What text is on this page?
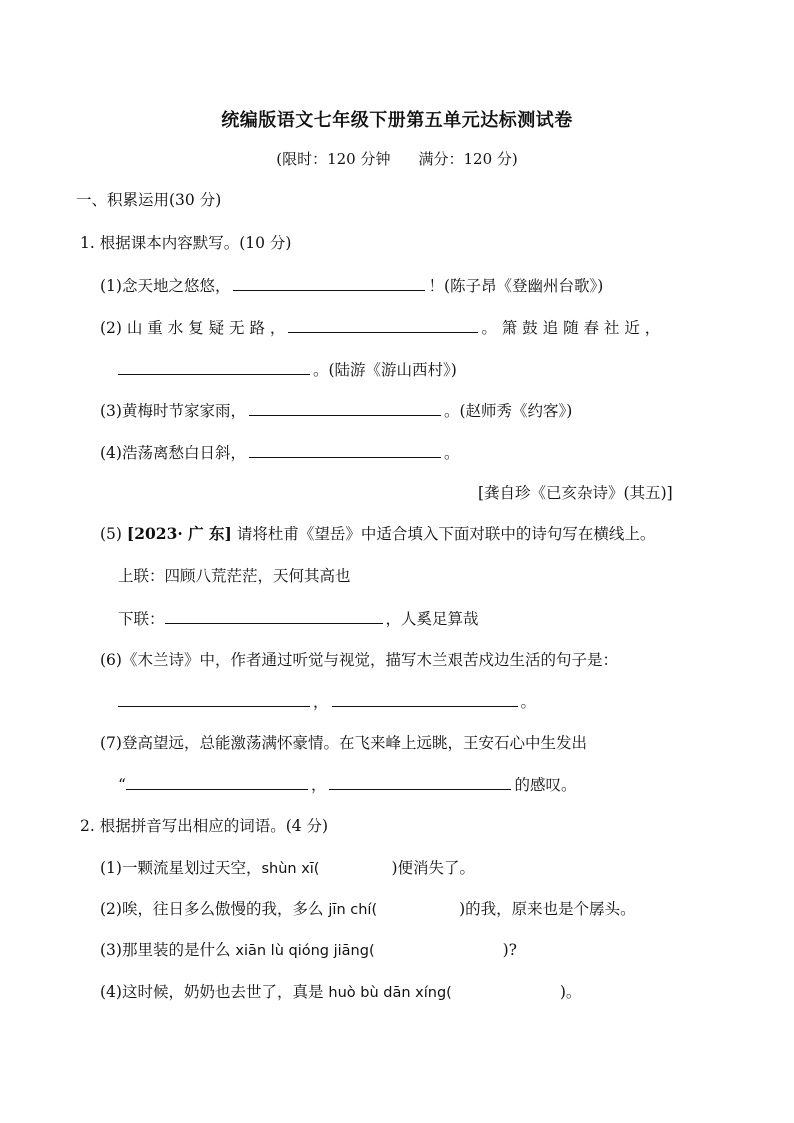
统编版语文七年级下册第五单元达标测试卷
(限时：120 分钟 满分：120 分)
一、积累运用(30 分)
1. 根据课本内容默写。(10 分)
(1)念天地之悠悠，	！(陈子昂《登幽州台歌》)
(2) 山 重 水 复 疑 无 路 ，	。 箫 鼓 追 随 春 社 近 ，
。(陆游《游山西村》)
(3)黄梅时节家家雨，	。(赵师秀《约客》)
(4)浩荡离愁白日斜，	。
[龚自珍《已亥杂诗》(其五)]
(5) [2023· 广 东] 请将杜甫《望岳》中适合填入下面对联中的诗句写在横线上。
上联：四顾八荒茫茫，天何其高也
下联：	，人奚足算哉
(6)《木兰诗》中，作者通过听觉与视觉，描写木兰艰苦戍边生活的句子是：
，	。
(7)登高望远，总能激荡满怀豪情。在飞来峰上远眺，王安石心中生发出
“	，	的感叹。
2. 根据拼音写出相应的词语。(4 分)
(1)一颗流星划过天空，shùn xī(	)便消失了。
(2)唉，往日多么傲慢的我，多么 jīn chí(	)的我，原来也是个孱头。
(3)那里装的是什么 xiān lù qióng jiāng(	)?
(4)这时候，奶奶也去世了，真是 huò bù dān xíng(	)。
